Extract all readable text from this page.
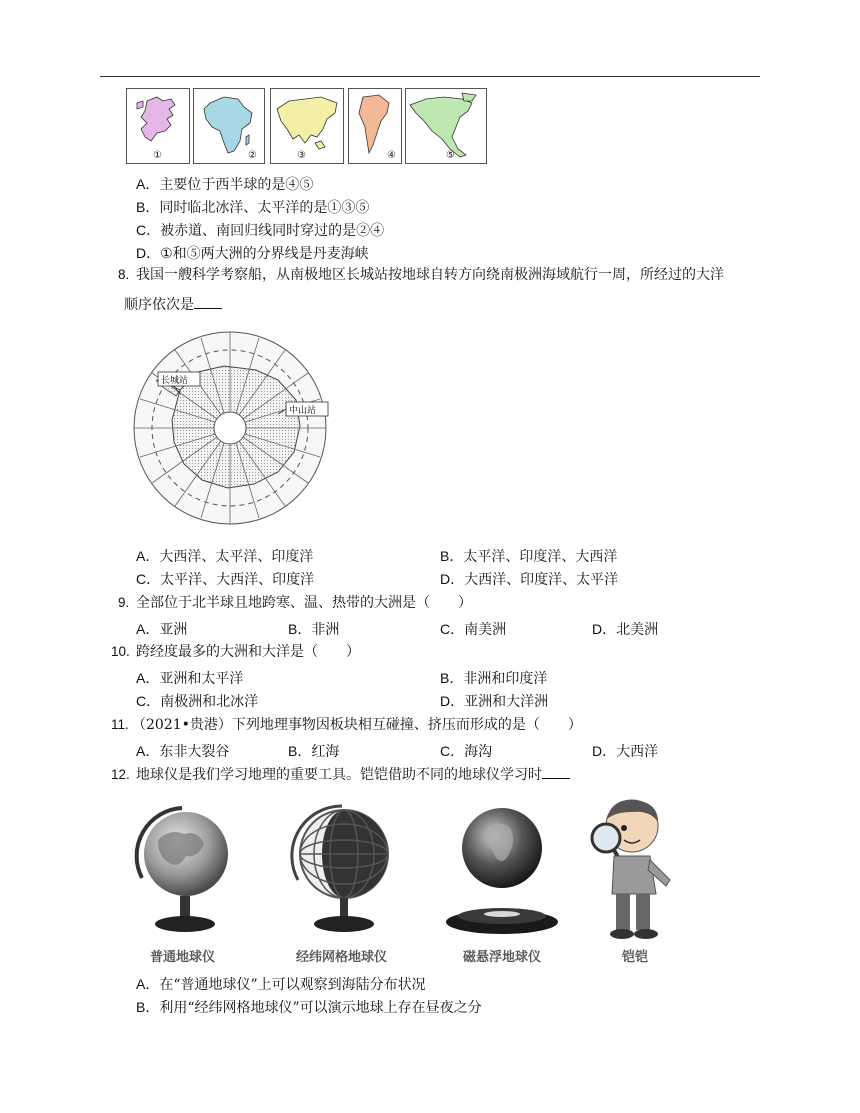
①	②	③	④	⑤
A．主要位于西半球的是④⑤
B．同时临北冰洋、太平洋的是①③⑤
C．被赤道、南回归线同时穿过的是②④
D．①和⑤两大洲的分界线是丹麦海峡
8. 我国一艘科学考察船，从南极地区长城站按地球自转方向绕南极洲海域航行一周，所经过的大洋
顺序依次是
长城站
中山站
A．大西洋、太平洋、印度洋	B．太平洋、印度洋、大西洋
C．太平洋、大西洋、印度洋	D．大西洋、印度洋、太平洋
9. 全部位于北半球且地跨寒、温、热带的大洲是（　　）
A．亚洲	B．非洲	C．南美洲	D．北美洲
10. 跨经度最多的大洲和大洋是（　　）
A．亚洲和太平洋	B．非洲和印度洋
C．南极洲和北冰洋	D．亚洲和大洋洲
11. （2021•贵港）下列地理事物因板块相互碰撞、挤压而形成的是（　　）
A．东非大裂谷	B．红海	C．海沟	D．大西洋
12. 地球仪是我们学习地理的重要工具。铠铠借助不同的地球仪学习时
普通地球仪	经纬网格地球仪	磁悬浮地球仪	铠铠
A．在“普通地球仪”上可以观察到海陆分布状况
B．利用“经纬网格地球仪”可以演示地球上存在昼夜之分
